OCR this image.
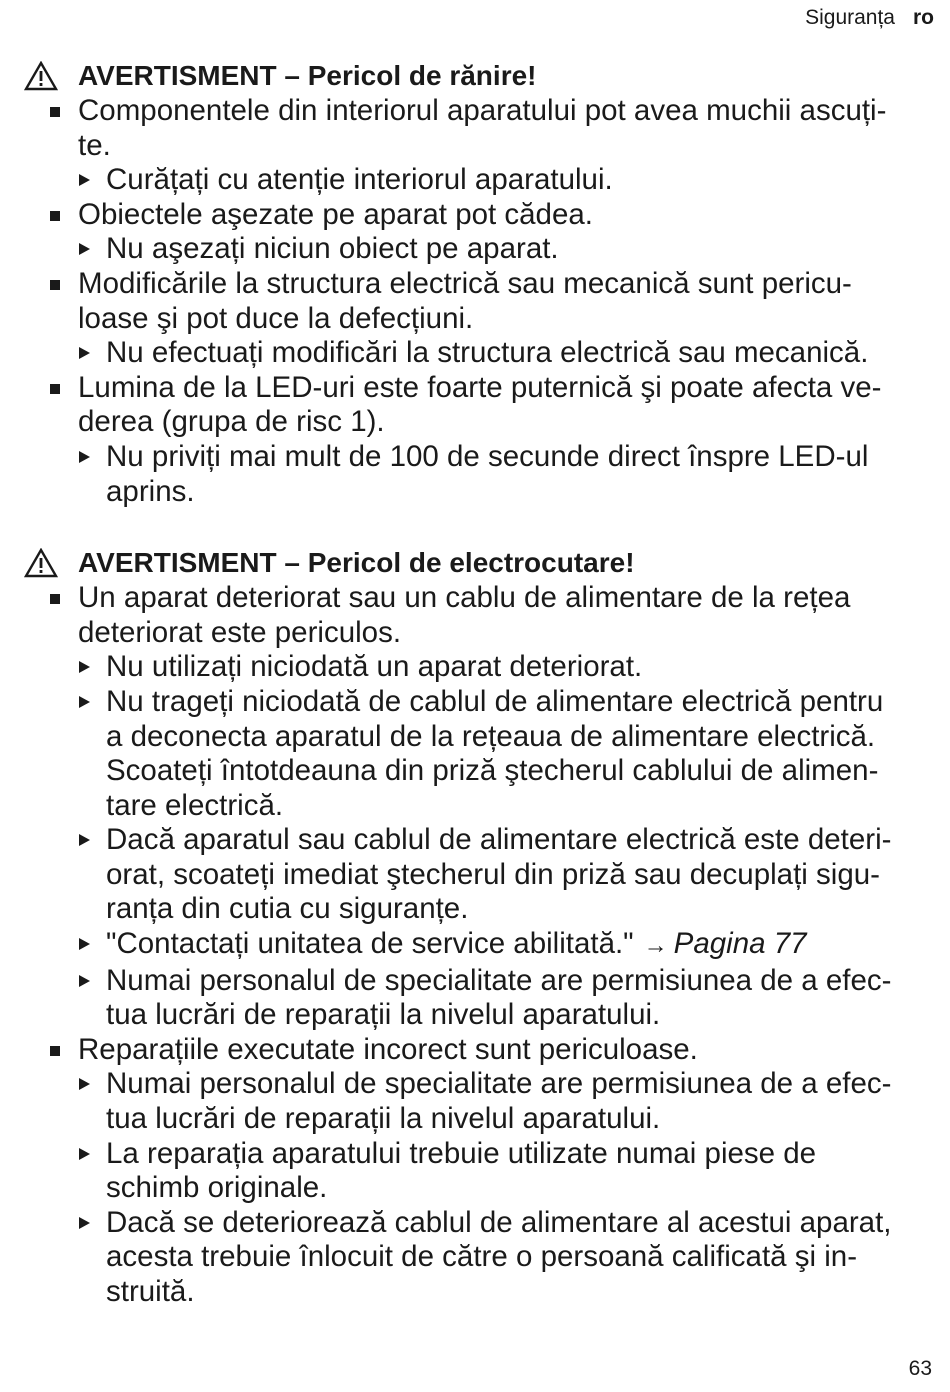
Siguranța ro
AVERTISMENT – Pericol de rănire!
Componentele din interiorul aparatului pot avea muchii ascuți-
te.
Curățați cu atenție interiorul aparatului.
Obiectele aşezate pe aparat pot cădea.
Nu aşezați niciun obiect pe aparat.
Modificările la structura electrică sau mecanică sunt pericu-
loase şi pot duce la defecțiuni.
Nu efectuați modificări la structura electrică sau mecanică.
Lumina de la LED-uri este foarte puternică şi poate afecta ve-
derea (grupa de risc 1).
Nu priviți mai mult de 100 de secunde direct înspre LED-ul
aprins.
AVERTISMENT – Pericol de electrocutare!
Un aparat deteriorat sau un cablu de alimentare de la rețea
deteriorat este periculos.
Nu utilizați niciodată un aparat deteriorat.
Nu trageți niciodată de cablul de alimentare electrică pentru
a deconecta aparatul de la rețeaua de alimentare electrică.
Scoateți întotdeauna din priză ştecherul cablului de alimen-
tare electrică.
Dacă aparatul sau cablul de alimentare electrică este deteri-
orat, scoateți imediat ştecherul din priză sau decuplați sigu-
ranța din cutia cu siguranțe.
"Contactați unitatea de service abilitată." → Pagina 77
Numai personalul de specialitate are permisiunea de a efec-
tua lucrări de reparații la nivelul aparatului.
Reparațiile executate incorect sunt periculoase.
Numai personalul de specialitate are permisiunea de a efec-
tua lucrări de reparații la nivelul aparatului.
La reparația aparatului trebuie utilizate numai piese de
schimb originale.
Dacă se deteriorează cablul de alimentare al acestui aparat,
acesta trebuie înlocuit de către o persoană calificată şi in-
struită.
63
